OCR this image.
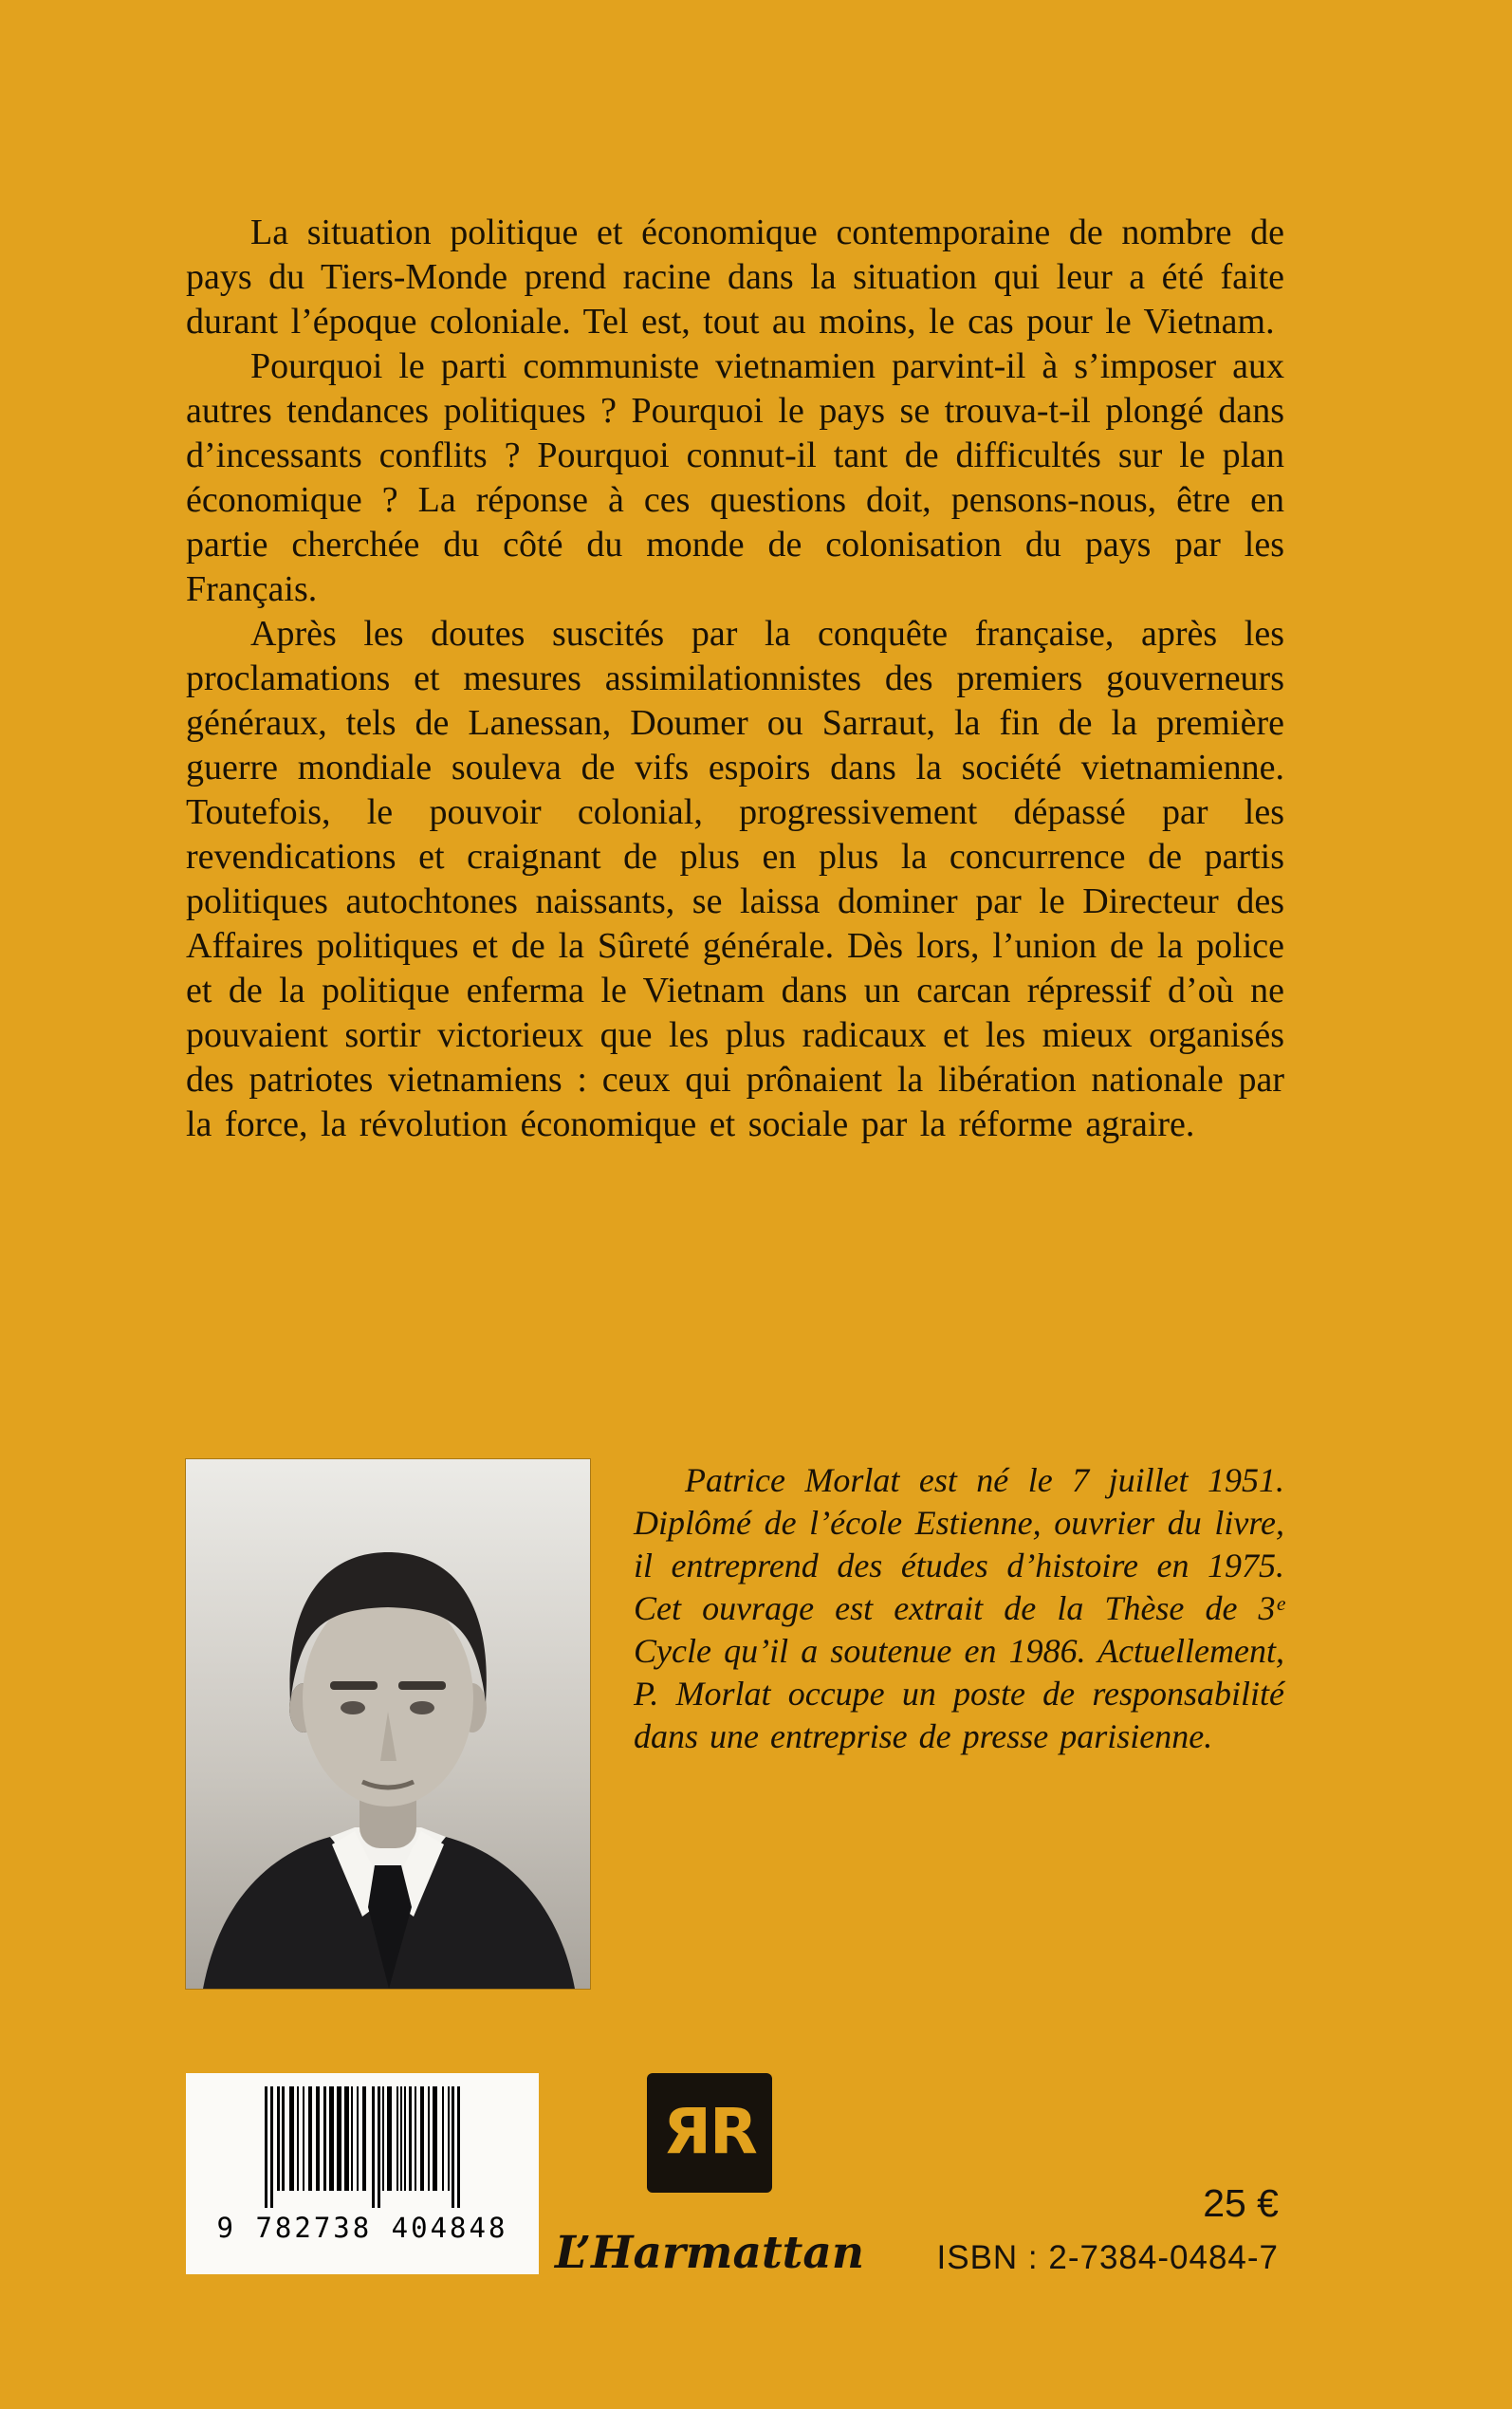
La situation politique et économique contemporaine de nombre de pays du Tiers-Monde prend racine dans la situation qui leur a été faite durant l’époque coloniale. Tel est, tout au moins, le cas pour le Vietnam.

Pourquoi le parti communiste vietnamien parvint-il à s’imposer aux autres tendances politiques ? Pourquoi le pays se trouva-t-il plongé dans d’incessants conflits ? Pourquoi connut-il tant de difficultés sur le plan économique ? La réponse à ces questions doit, pensons-nous, être en partie cherchée du côté du monde de colonisation du pays par les Français.

Après les doutes suscités par la conquête française, après les proclamations et mesures assimilationnistes des premiers gouverneurs généraux, tels de Lanessan, Doumer ou Sarraut, la fin de la première guerre mondiale souleva de vifs espoirs dans la société vietnamienne. Toutefois, le pouvoir colonial, progressivement dépassé par les revendications et craignant de plus en plus la concurrence de partis politiques autochtones naissants, se laissa dominer par le Directeur des Affaires politiques et de la Sûreté générale. Dès lors, l’union de la police et de la politique enferma le Vietnam dans un carcan répressif d’où ne pouvaient sortir victorieux que les plus radicaux et les mieux organisés des patriotes vietnamiens : ceux qui prônaient la libération nationale par la force, la révolution économique et sociale par la réforme agraire.

Patrice Morlat est né le 7 juillet 1951. Diplômé de l’école Estienne, ouvrier du livre, il entreprend des études d’histoire en 1975. Cet ouvrage est extrait de la Thèse de 3ᵉ Cycle qu’il a soutenue en 1986. Actuellement, P. Morlat occupe un poste de responsabilité dans une entreprise de presse parisienne.

9 782738 404848
ЯR
L’Harmattan
25 €
ISBN : 2-7384-0484-7
